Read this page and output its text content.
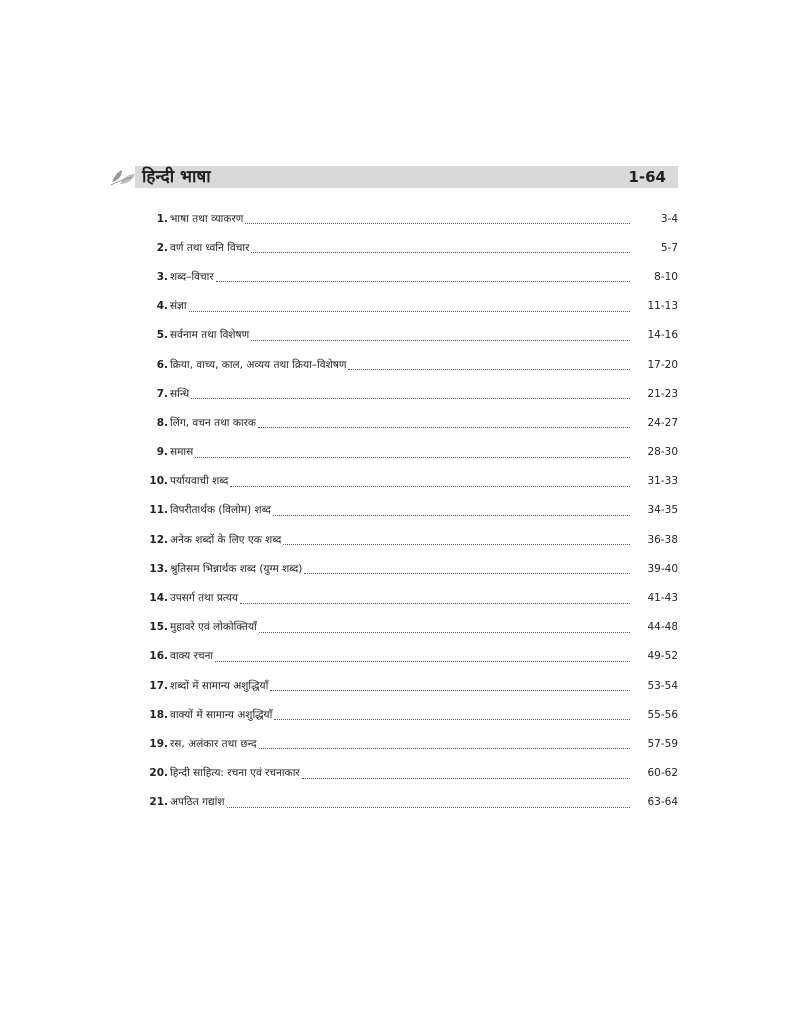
हिन्दी भाषा	1-64
1. भाषा तथा व्याकरण	3-4
2. वर्ण तथा ध्वनि विचार	5-7
3. शब्द–विचार	8-10
4. संज्ञा	11-13
5. सर्वनाम तथा विशेषण	14-16
6. क्रिया, वाच्य, काल, अव्यय तथा क्रिया–विशेषण	17-20
7. सन्धि	21-23
8. लिंग, वचन तथा कारक	24-27
9. समास	28-30
10. पर्यायवाची शब्द	31-33
11. विपरीतार्थक (विलोम) शब्द	34-35
12. अनेक शब्दों के लिए एक शब्द	36-38
13. श्रुतिसम भिन्नार्थक शब्द (युग्म शब्द)	39-40
14. उपसर्ग तथा प्रत्यय	41-43
15. मुहावरे एवं लोकोक्तियाँ	44-48
16. वाक्य रचना	49-52
17. शब्दों में सामान्य अशुद्धियाँ	53-54
18. वाक्यों में सामान्य अशुद्धियाँ	55-56
19. रस, अलंकार तथा छन्द	57-59
20. हिन्दी साहित्य: रचना एवं रचनाकार	60-62
21. अपठित गद्यांश	63-64
